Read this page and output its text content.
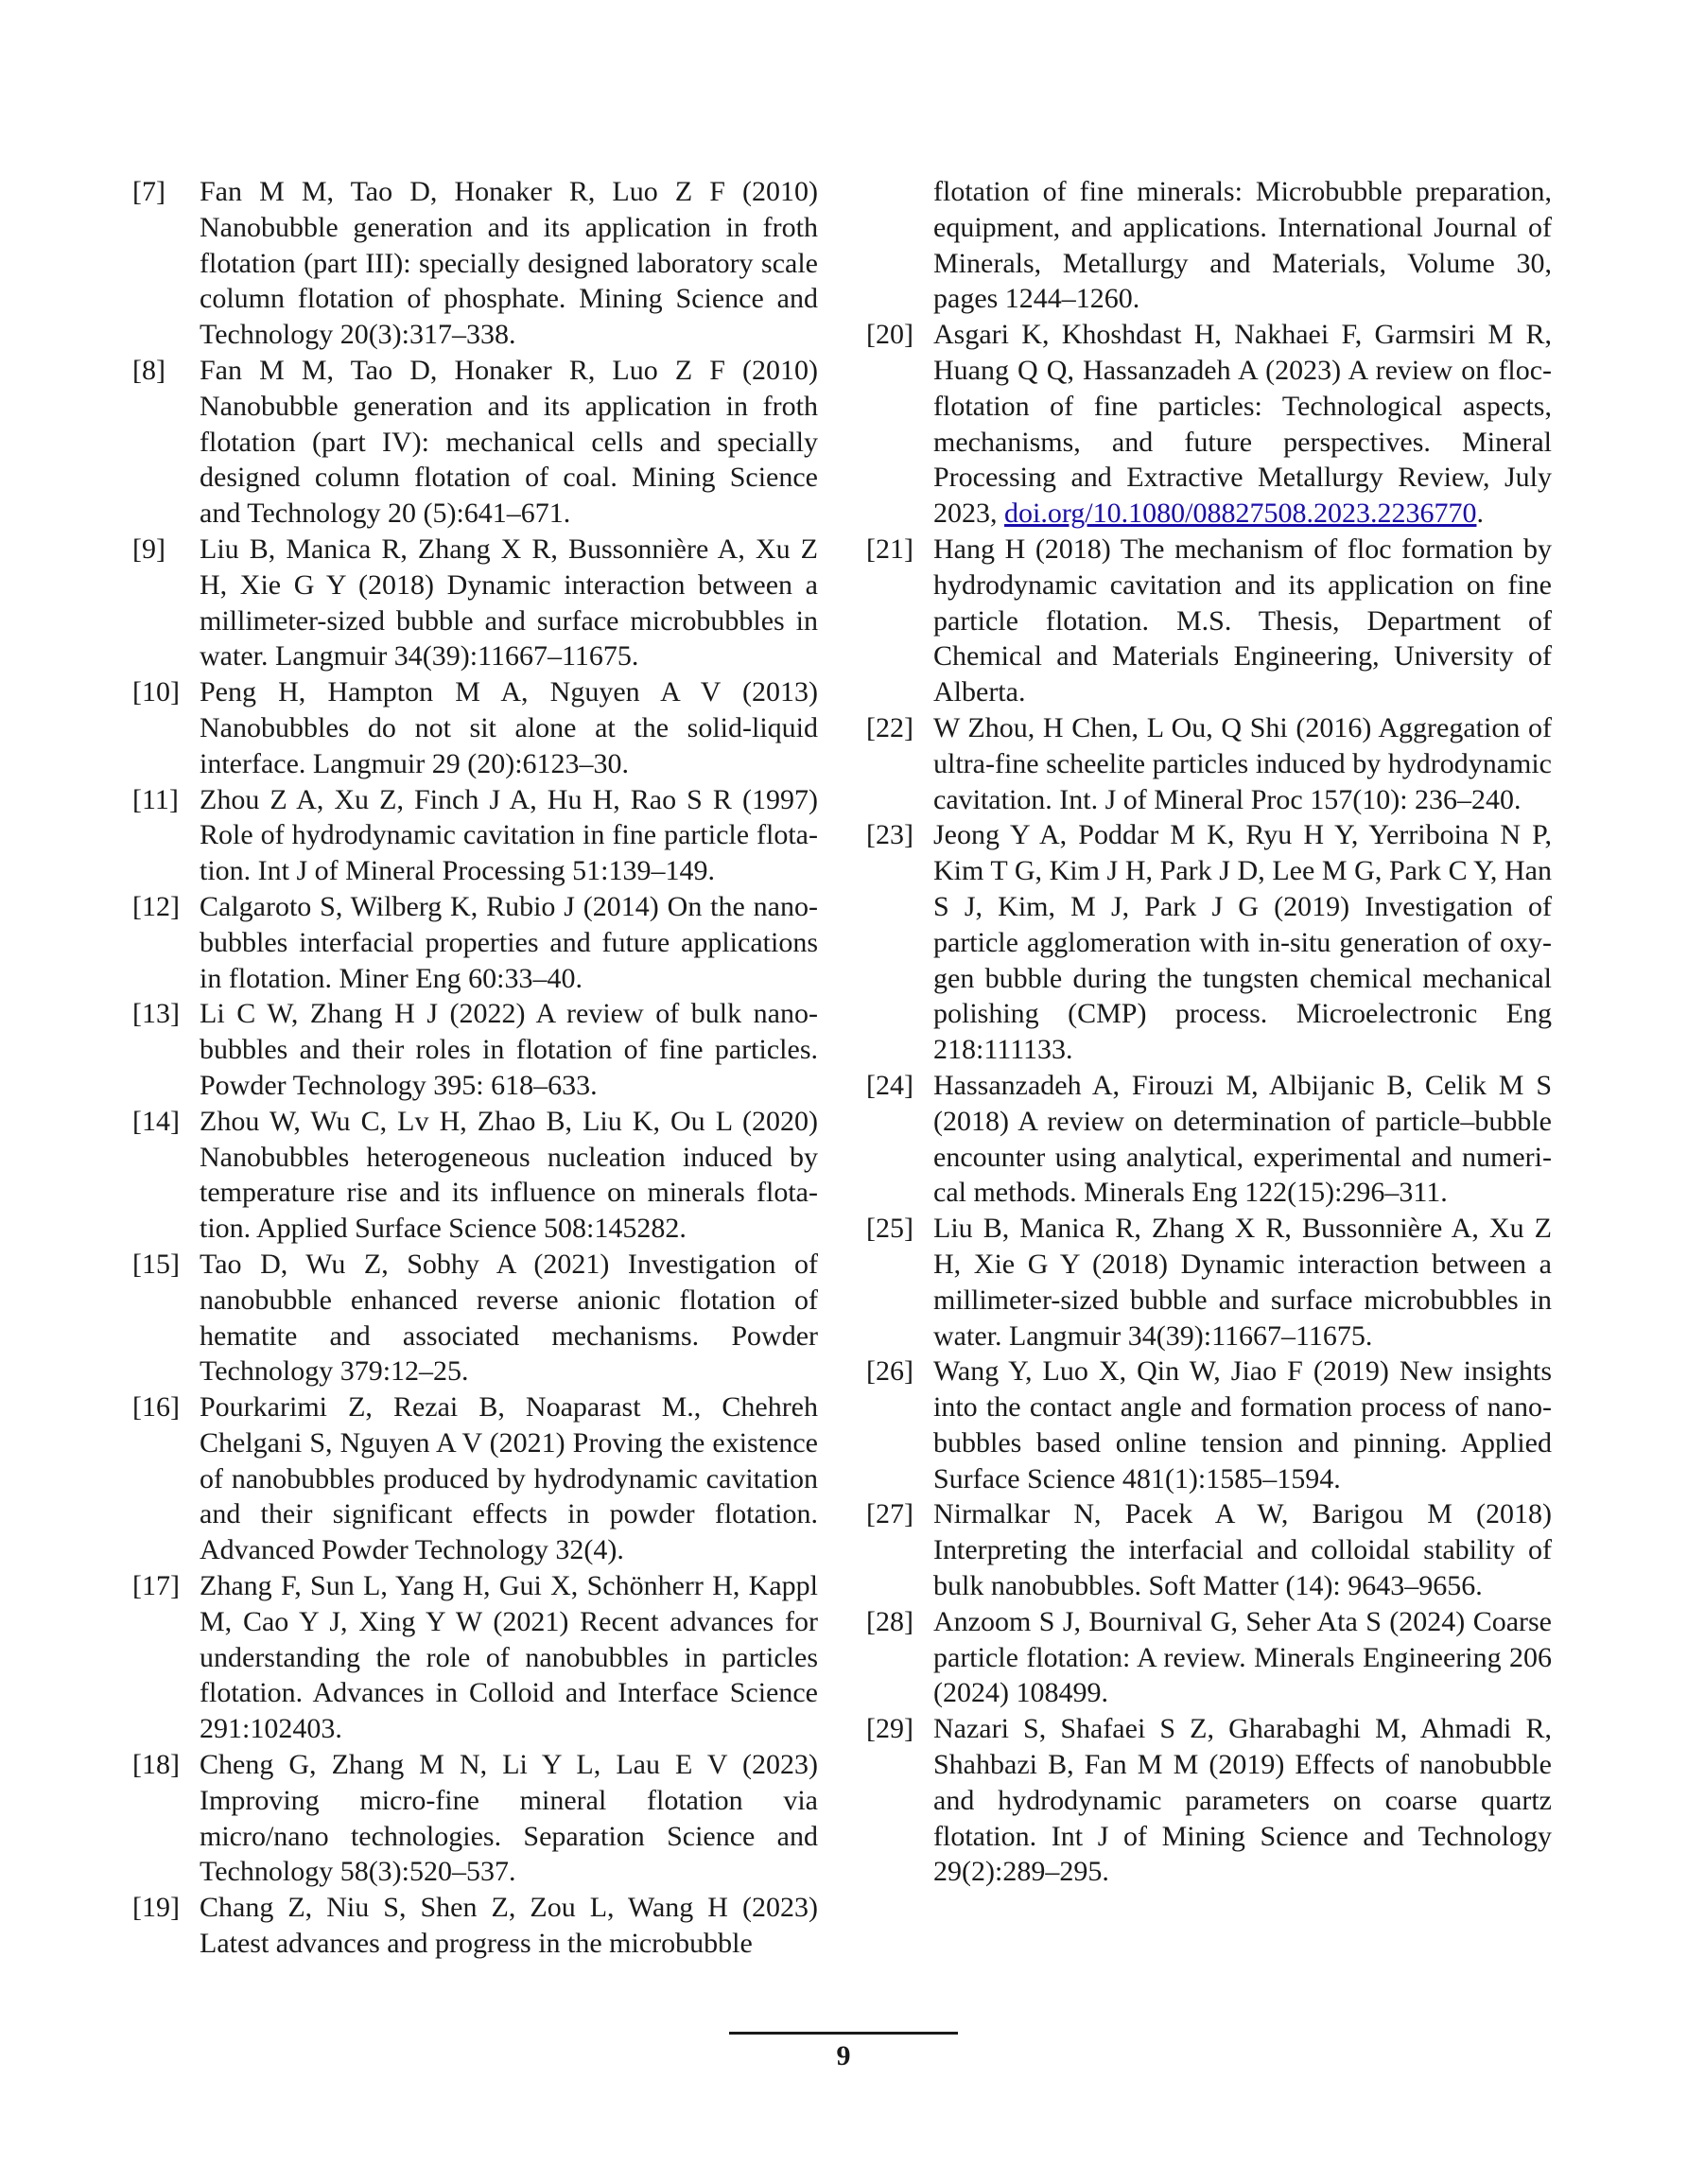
[7]	Fan M M, Tao D, Honaker R, Luo Z F (2010) Nanobubble generation and its application in froth flotation (part III): specially designed laboratory scale column flotation of phosphate. Mining Science and Technology 20(3):317–338.
[8]	Fan M M, Tao D, Honaker R, Luo Z F (2010) Nanobubble generation and its application in froth flotation (part IV): mechanical cells and specially designed column flotation of coal. Mining Science and Technology 20 (5):641–671.
[9]	Liu B, Manica R, Zhang X R, Bussonnière A, Xu Z H, Xie G Y (2018) Dynamic interaction between a millimeter-sized bubble and surface microbubbles in water. Langmuir 34(39):11667–11675.
[10] Peng H, Hampton M A, Nguyen A V (2013) Nanobubbles do not sit alone at the solid-liquid interface. Langmuir 29 (20):6123–30.
[11] Zhou Z A, Xu Z, Finch J A, Hu H, Rao S R (1997) Role of hydrodynamic cavitation in fine particle flotation. Int J of Mineral Processing 51:139–149.
[12] Calgaroto S, Wilberg K, Rubio J (2014) On the nanobubbles interfacial properties and future applications in flotation. Miner Eng 60:33–40.
[13] Li C W, Zhang H J (2022) A review of bulk nanobubbles and their roles in flotation of fine particles. Powder Technology 395: 618–633.
[14] Zhou W, Wu C, Lv H, Zhao B, Liu K, Ou L (2020) Nanobubbles heterogeneous nucleation induced by temperature rise and its influence on minerals flotation. Applied Surface Science 508:145282.
[15] Tao D, Wu Z, Sobhy A (2021) Investigation of nanobubble enhanced reverse anionic flotation of hematite and associated mechanisms. Powder Technology 379:12–25.
[16] Pourkarimi Z, Rezai B, Noaparast M., Chehreh Chelgani S, Nguyen A V (2021) Proving the existence of nanobubbles produced by hydrodynamic cavitation and their significant effects in powder flotation. Advanced Powder Technology 32(4).
[17] Zhang F, Sun L, Yang H, Gui X, Schönherr H, Kappl M, Cao Y J, Xing Y W (2021) Recent advances for understanding the role of nanobubbles in particles flotation. Advances in Colloid and Interface Science 291:102403.
[18] Cheng G, Zhang M N, Li Y L, Lau E V (2023) Improving micro-fine mineral flotation via micro/nano technologies. Separation Science and Technology 58(3):520–537.
[19] Chang Z, Niu S, Shen Z, Zou L, Wang H (2023) Latest advances and progress in the microbubble
flotation of fine minerals: Microbubble preparation, equipment, and applications. International Journal of Minerals, Metallurgy and Materials, Volume 30, pages 1244–1260.
[20] Asgari K, Khoshdast H, Nakhaei F, Garmsiri M R, Huang Q Q, Hassanzadeh A (2023) A review on floc-flotation of fine particles: Technological aspects, mechanisms, and future perspectives. Mineral Processing and Extractive Metallurgy Review, July 2023, doi.org/10.1080/08827508.2023.2236770.
[21] Hang H (2018) The mechanism of floc formation by hydrodynamic cavitation and its application on fine particle flotation. M.S. Thesis, Department of Chemical and Materials Engineering, University of Alberta.
[22] W Zhou, H Chen, L Ou, Q Shi (2016) Aggregation of ultra-fine scheelite particles induced by hydrodynamic cavitation. Int. J of Mineral Proc 157(10): 236–240.
[23] Jeong Y A, Poddar M K, Ryu H Y, Yerriboina N P, Kim T G, Kim J H, Park J D, Lee M G, Park C Y, Han S J, Kim, M J, Park J G (2019) Investigation of particle agglomeration with in-situ generation of oxygen bubble during the tungsten chemical mechanical polishing (CMP) process. Microelectronic Eng 218:111133.
[24] Hassanzadeh A, Firouzi M, Albijanic B, Celik M S (2018) A review on determination of particle–bubble encounter using analytical, experimental and numerical methods. Minerals Eng 122(15):296–311.
[25] Liu B, Manica R, Zhang X R, Bussonnière A, Xu Z H, Xie G Y (2018) Dynamic interaction between a millimeter-sized bubble and surface microbubbles in water. Langmuir 34(39):11667–11675.
[26] Wang Y, Luo X, Qin W, Jiao F (2019) New insights into the contact angle and formation process of nanobubbles based online tension and pinning. Applied Surface Science 481(1):1585–1594.
[27] Nirmalkar N, Pacek A W, Barigou M (2018) Interpreting the interfacial and colloidal stability of bulk nanobubbles. Soft Matter (14): 9643–9656.
[28] Anzoom S J, Bournival G, Seher Ata S (2024) Coarse particle flotation: A review. Minerals Engineering 206 (2024) 108499.
[29] Nazari S, Shafaei S Z, Gharabaghi M, Ahmadi R, Shahbazi B, Fan M M (2019) Effects of nanobubble and hydrodynamic parameters on coarse quartz flotation. Int J of Mining Science and Technology 29(2):289–295.
9
